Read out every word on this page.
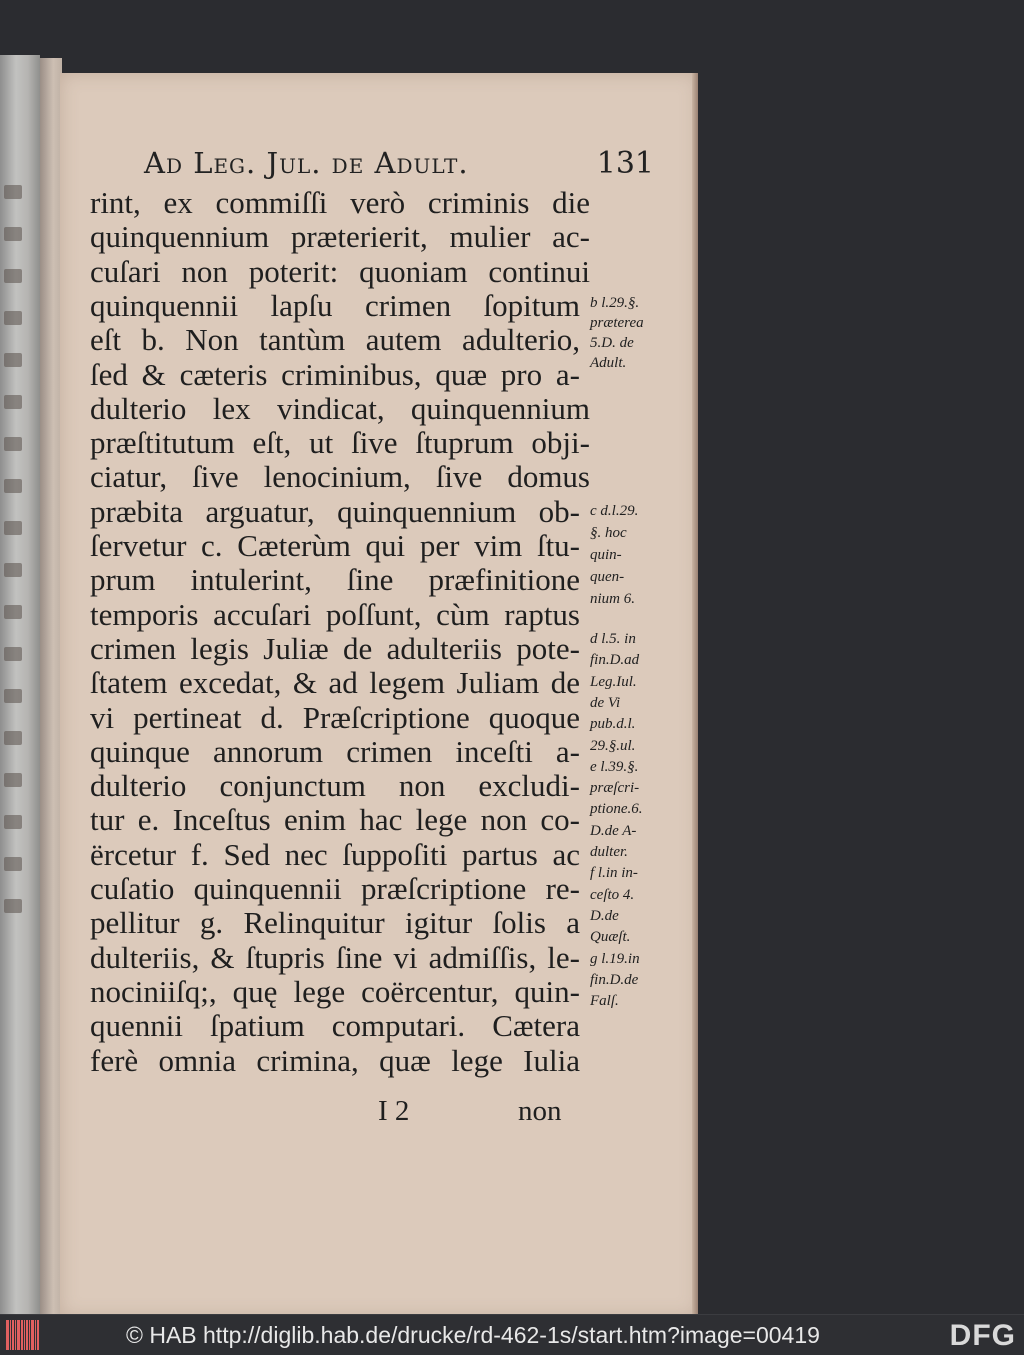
Ad Leg. Jul. de Adult.	131
rint, ex commiſſi verò criminis die
quinquennium præterierit, mulier ac-
cuſari non poterit: quoniam continui
quinquennii lapſu crimen ſopitum
eſt b. Non tantùm autem adulterio,
ſed & cæteris criminibus, quæ pro a-
dulterio lex vindicat, quinquennium
præſtitutum eſt, ut ſive ſtuprum obji-
ciatur, ſive lenocinium, ſive domus
præbita arguatur, quinquennium ob-
ſervetur c. Cæterùm qui per vim ſtu-
prum intulerint, ſine præfinitione
temporis accuſari poſſunt, cùm raptus
crimen legis Juliæ de adulteriis pote-
ſtatem excedat, & ad legem Juliam de
vi pertineat d. Præſcriptione quoque
quinque annorum crimen inceſti a-
dulterio conjunctum non excludi-
tur e. Inceſtus enim hac lege non co-
ërcetur f. Sed nec ſuppoſiti partus ac
cuſatio quinquennii præſcriptione re-
pellitur g. Relinquitur igitur ſolis a
dulteriis, & ſtupris ſine vi admiſſis, le-
nociniiſq;, quę lege coërcentur, quin-
quennii ſpatium computari. Cætera
ferè omnia crimina, quæ lege Iulia
b l.29.§.
præterea
5.D. de
Adult.
c d.l.29.
§. hoc
quin-
quen-
nium 6.
d l.5. in
fin.D.ad
Leg.Iul.
de Vi
pub.d.l.
29.§.ul.
e l.39.§.
præſcri-
ptione.6.
D.de A-
dulter.
f l.in in-
ceſto 4.
D.de
Quæſt.
g l.19.in
fin.D.de
Falſ.
I 2	non
© HAB http://diglib.hab.de/drucke/rd-462-1s/start.htm?image=00419	DFG
